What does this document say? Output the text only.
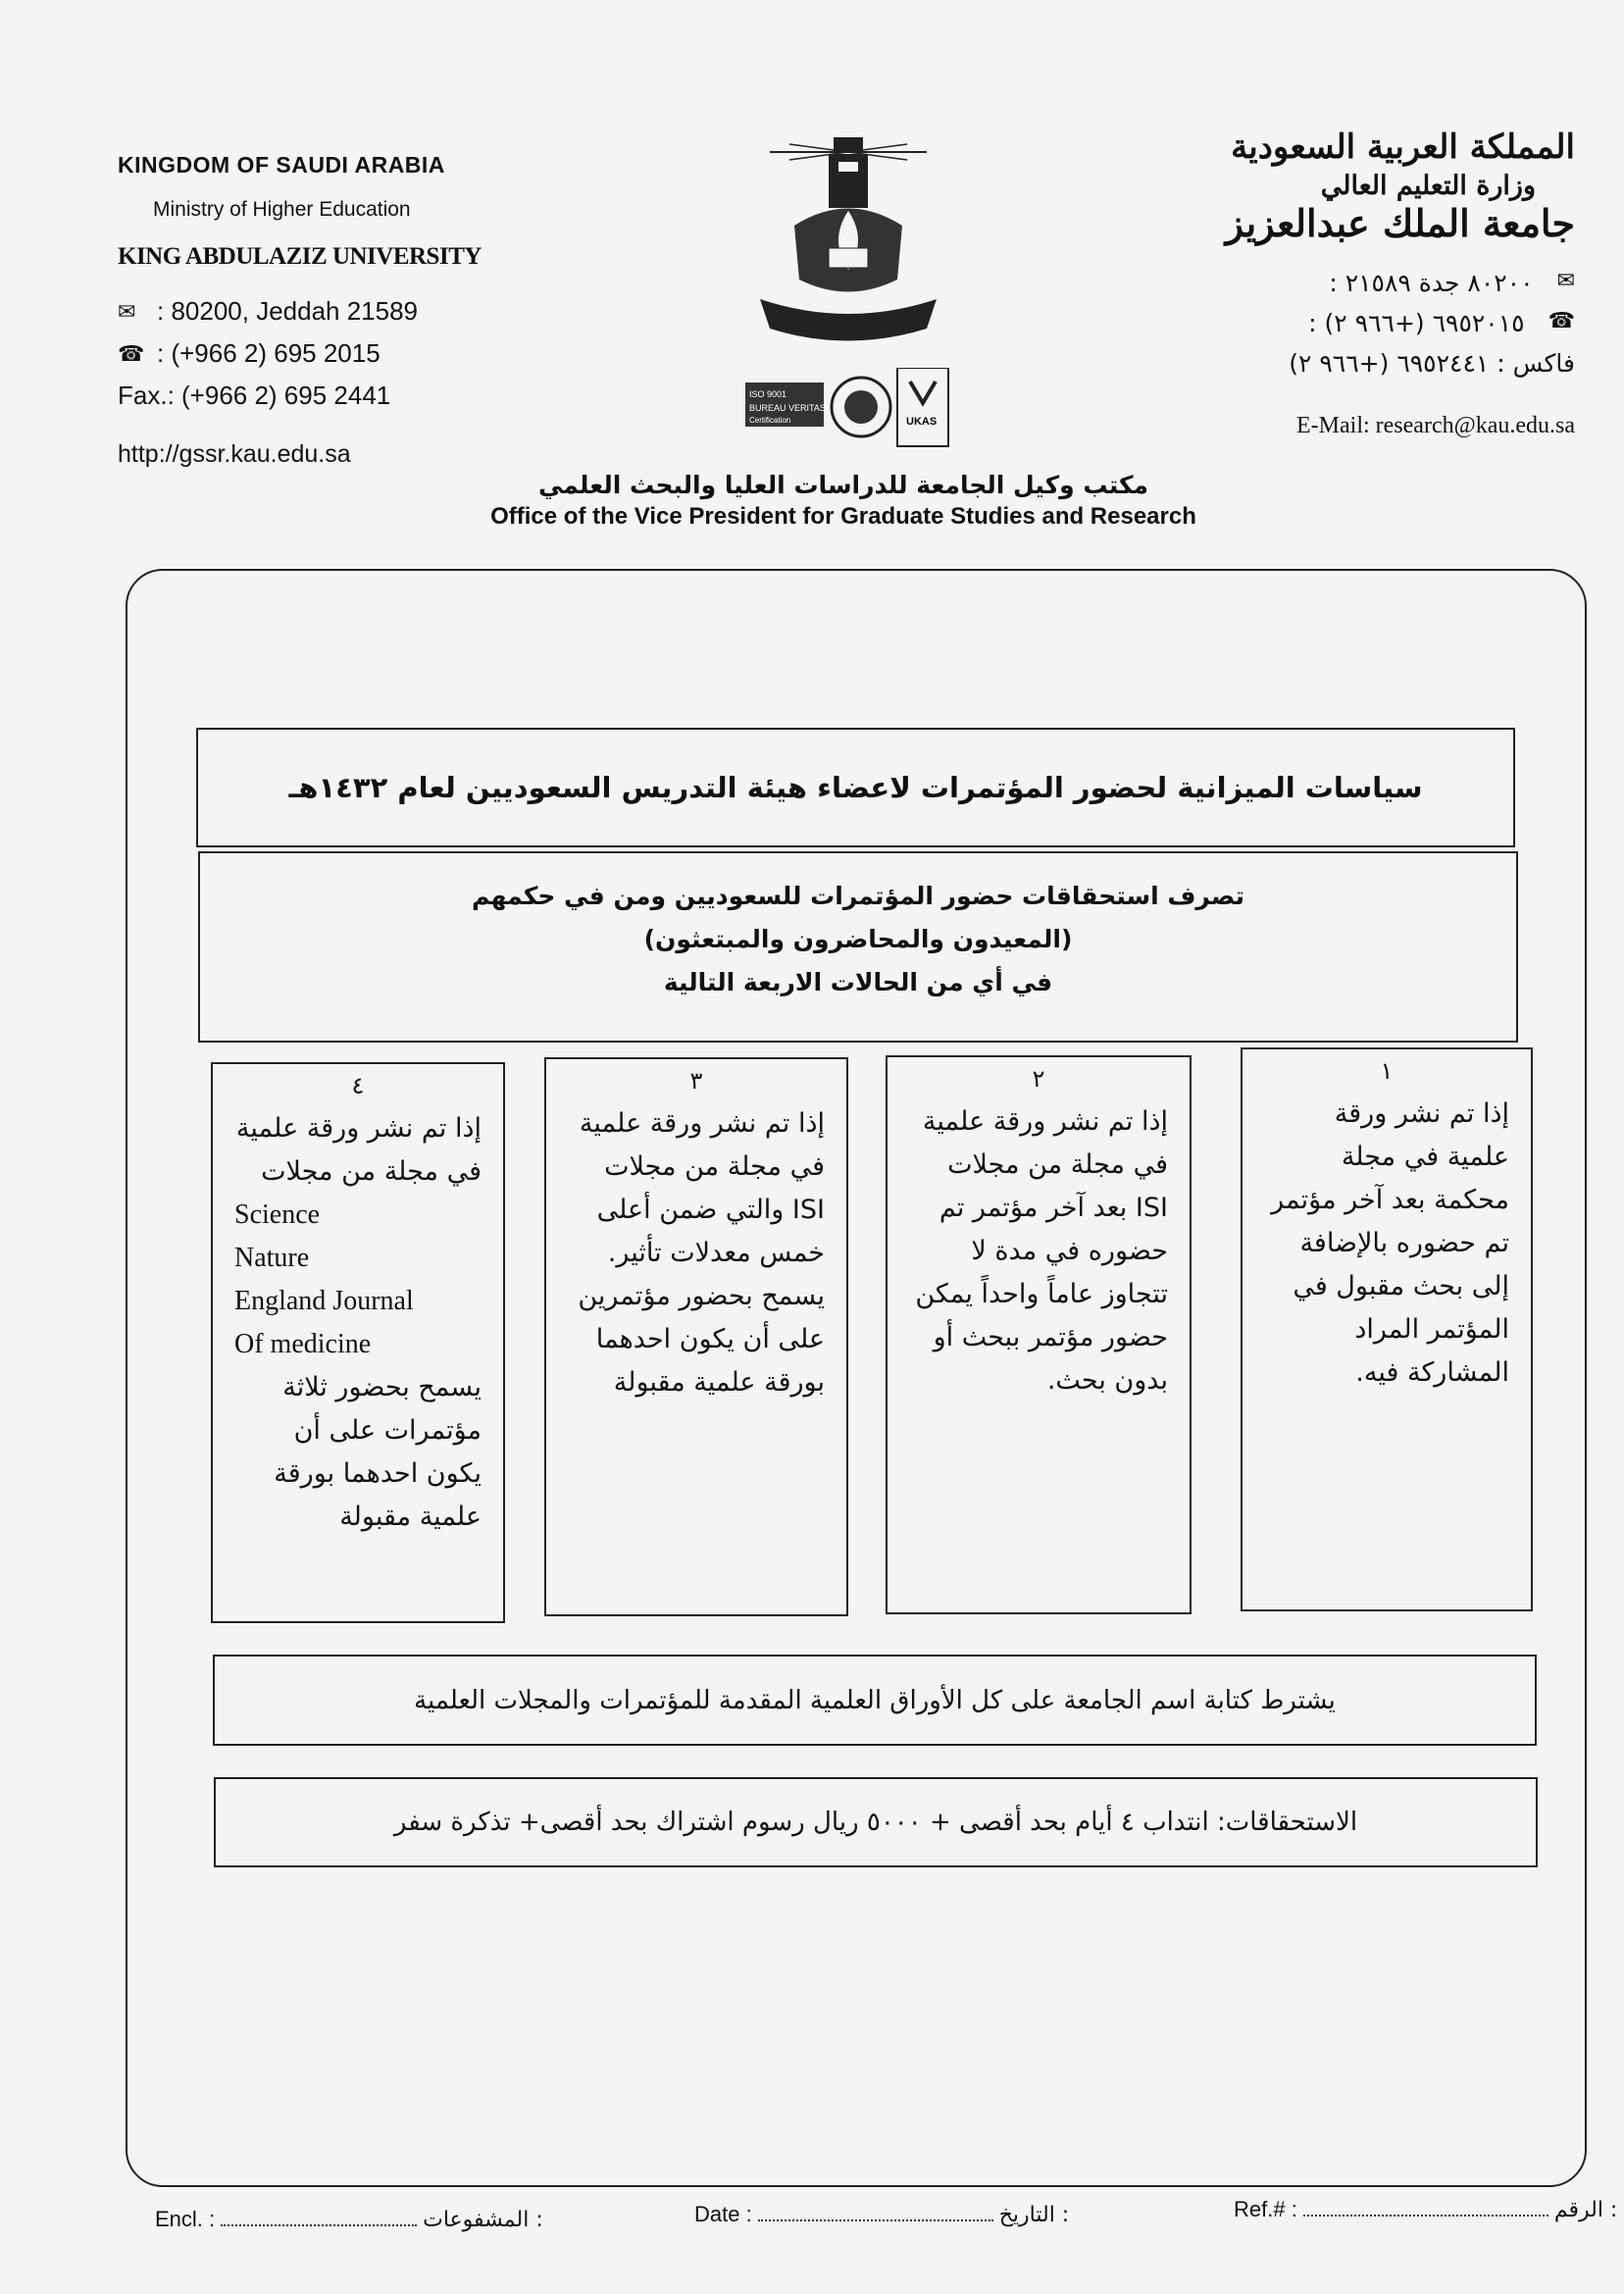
KINGDOM OF SAUDI ARABIA
Ministry of Higher Education
KING ABDULAZIZ UNIVERSITY
✉ : 80200, Jeddah 21589
☎ : (+966 2) 695 2015
Fax.: (+966 2) 695 2441
http://gssr.kau.edu.sa
ISO 9001
BUREAU VERITAS
Certification	UKAS
المملكة العربية السعودية
وزارة التعليم العالي
جامعة الملك عبدالعزيز
✉
٨٠٢٠٠ جدة ٢١٥٨٩ :
☎
٦٩٥٢٠١٥ (+٩٦٦ ٢) :
فاكس : ٦٩٥٢٤٤١ (+٩٦٦ ٢)
E-Mail: research@kau.edu.sa
مكتب وكيل الجامعة للدراسات العليا والبحث العلمي
Office of the Vice President for Graduate Studies and Research
سياسات الميزانية لحضور المؤتمرات لاعضاء هيئة التدريس السعوديين لعام ١٤٣٢هـ
تصرف استحقاقات حضور المؤتمرات للسعوديين ومن في حكمهم
(المعيدون والمحاضرون والمبتعثون)
في أي من الحالات الاربعة التالية
١
إذا تم نشر ورقة علمية في مجلة محكمة بعد آخر مؤتمر تم حضوره بالإضافة إلى بحث مقبول في المؤتمر المراد المشاركة فيه.
٢
إذا تم نشر ورقة علمية في مجلة من مجلات ISI بعد آخر مؤتمر تم حضوره في مدة لا تتجاوز عاماً واحداً يمكن حضور مؤتمر ببحث أو بدون بحث.
٣
إذا تم نشر ورقة علمية في مجلة من مجلات ISI والتي ضمن أعلى خمس معدلات تأثير.
يسمح بحضور مؤتمرين على أن يكون احدهما بورقة علمية مقبولة
٤
إذا تم نشر ورقة علمية في مجلة من مجلات
Science
Nature
England Journal
Of medicine
يسمح بحضور ثلاثة مؤتمرات على أن يكون احدهما بورقة علمية مقبولة
يشترط كتابة اسم الجامعة على كل الأوراق العلمية المقدمة للمؤتمرات والمجلات العلمية
الاستحقاقات: انتداب ٤ أيام بحد أقصى + ٥٠٠٠ ريال رسوم اشتراك بحد أقصى+ تذكرة سفر
Encl. :	: المشفوعات	Date :	: التاريخ	Ref.# :	: الرقم
